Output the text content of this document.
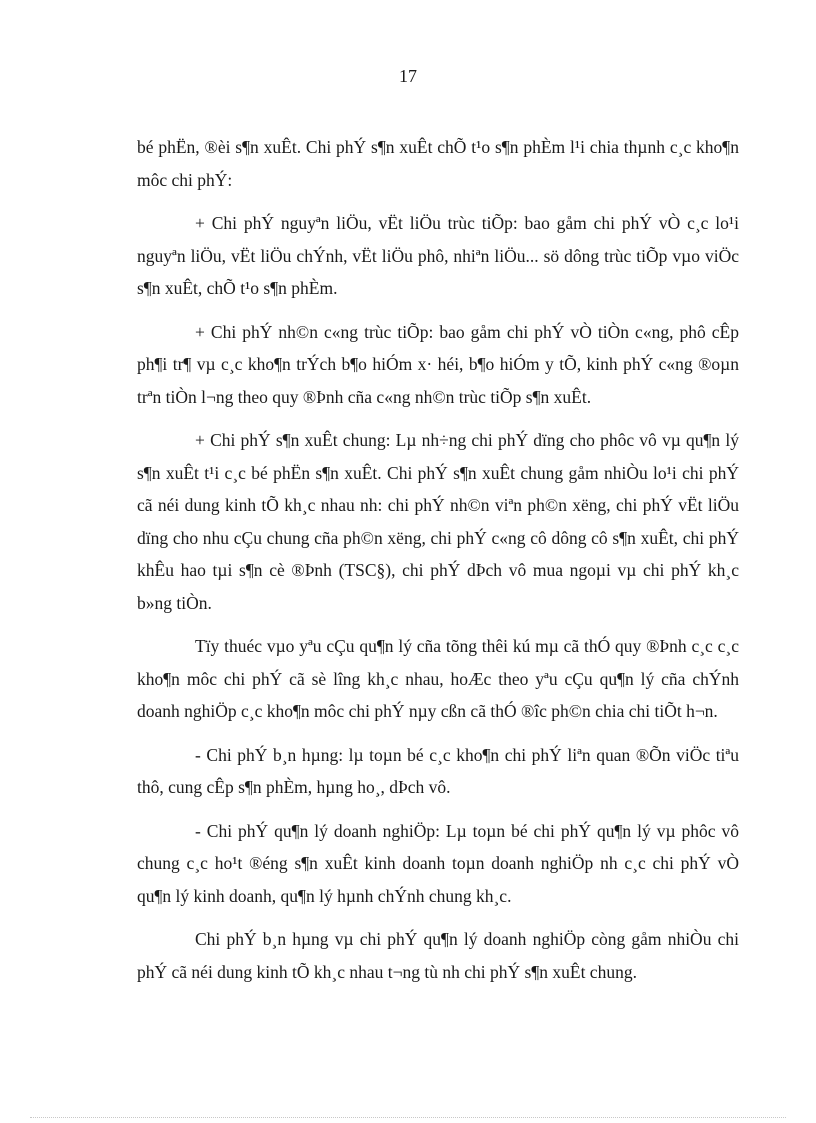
17

bé phËn, ®èi s¶n xuÊt. Chi phÝ s¶n xuÊt chÕ t¹o s¶n phÈm l¹i chia thµnh c¸c kho¶n môc chi phÝ:

+ Chi phÝ nguyªn liÖu, vËt liÖu trùc tiÕp: bao gåm chi phÝ vÒ c¸c lo¹i nguyªn liÖu, vËt liÖu chÝnh, vËt liÖu phô, nhiªn liÖu... sö dông trùc tiÕp vµo viÖc s¶n xuÊt, chÕ t¹o s¶n phÈm.

+ Chi phÝ nh©n c«ng trùc tiÕp: bao gåm chi phÝ vÒ tiÒn c«ng, phô cÊp ph¶i tr¶ vµ c¸c kho¶n trÝch b¶o hiÓm x· héi, b¶o hiÓm y tÕ, kinh phÝ c«ng ®oµn trªn tiÒn l¬ng theo quy ®Þnh cña c«ng nh©n trùc tiÕp s¶n xuÊt.

+ Chi phÝ s¶n xuÊt chung: Lµ nh÷ng chi phÝ dïng cho phôc vô vµ qu¶n lý s¶n xuÊt t¹i c¸c bé phËn s¶n xuÊt. Chi phÝ s¶n xuÊt chung gåm nhiÒu lo¹i chi phÝ cã néi dung kinh tÕ kh¸c nhau nh: chi phÝ nh©n viªn ph©n xëng, chi phÝ vËt liÖu dïng cho nhu cÇu chung cña ph©n xëng, chi phÝ c«ng cô dông cô s¶n xuÊt, chi phÝ khÊu hao tµi s¶n cè ®Þnh (TSC§), chi phÝ dÞch vô mua ngoµi vµ chi phÝ kh¸c b»ng tiÒn.

Tïy thuéc vµo yªu cÇu qu¶n lý cña tõng thêi kú mµ cã thÓ quy ®Þnh c¸c c¸c kho¶n môc chi phÝ cã sè lîng kh¸c nhau, hoÆc theo yªu cÇu qu¶n lý cña chÝnh doanh nghiÖp c¸c kho¶n môc chi phÝ nµy cßn cã thÓ ®îc ph©n chia chi tiÕt h¬n.

- Chi phÝ b¸n hµng: lµ toµn bé c¸c kho¶n chi phÝ liªn quan ®Õn viÖc tiªu thô, cung cÊp s¶n phÈm, hµng ho¸, dÞch vô.

- Chi phÝ qu¶n lý doanh nghiÖp: Lµ toµn bé chi phÝ qu¶n lý vµ phôc vô chung c¸c ho¹t ®éng s¶n xuÊt kinh doanh toµn doanh nghiÖp nh c¸c chi phÝ vÒ qu¶n lý kinh doanh, qu¶n lý hµnh chÝnh chung kh¸c.

Chi phÝ b¸n hµng vµ chi phÝ qu¶n lý doanh nghiÖp còng gåm nhiÒu chi phÝ cã néi dung kinh tÕ kh¸c nhau t¬ng tù nh chi phÝ s¶n xuÊt chung.
